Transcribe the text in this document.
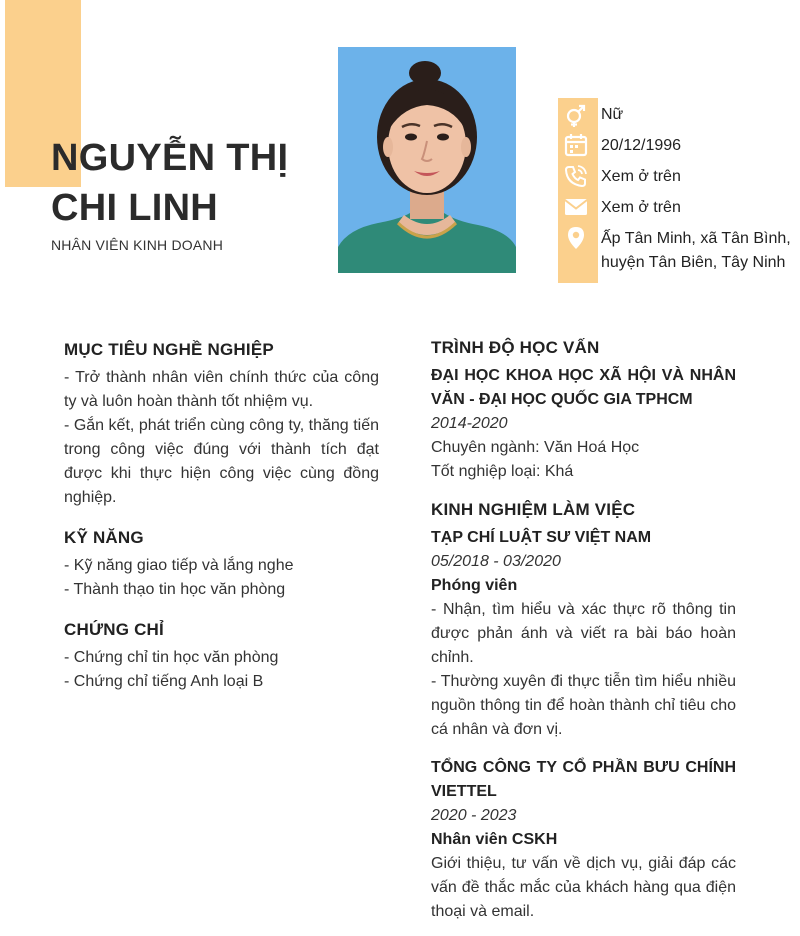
NGUYỄN THỊ
CHI LINH
NHÂN VIÊN KINH DOANH
Nữ
20/12/1996
Xem ở trên
Xem ở trên
Ấp Tân Minh, xã Tân Bình,
huyện Tân Biên, Tây Ninh
MỤC TIÊU NGHỀ NGHIỆP
- Trở thành nhân viên chính thức của công ty và luôn hoàn thành tốt nhiệm vụ.
- Gắn kết, phát triển cùng công ty, thăng tiến trong công việc đúng với thành tích đạt được khi thực hiện công việc cùng đồng nghiệp.
KỸ NĂNG
- Kỹ năng giao tiếp và lắng nghe
- Thành thạo tin học văn phòng
CHỨNG CHỈ
- Chứng chỉ tin học văn phòng
- Chứng chỉ tiếng Anh loại B
TRÌNH ĐỘ HỌC VẤN
ĐẠI HỌC KHOA HỌC XÃ HỘI VÀ NHÂN VĂN - ĐẠI HỌC QUỐC GIA TPHCM
2014-2020
Chuyên ngành: Văn Hoá Học
Tốt nghiệp loại: Khá
KINH NGHIỆM LÀM VIỆC
TẠP CHÍ LUẬT SƯ VIỆT NAM
05/2018 - 03/2020
Phóng viên
- Nhận, tìm hiểu và xác thực rõ thông tin được phản ánh và viết ra bài báo hoàn chỉnh.
- Thường xuyên đi thực tiễn tìm hiểu nhiều nguồn thông tin để hoàn thành chỉ tiêu cho cá nhân và đơn vị.
TỔNG CÔNG TY CỔ PHẦN BƯU CHÍNH VIETTEL
2020 - 2023
Nhân viên CSKH
Giới thiệu, tư vấn về dịch vụ, giải đáp các vấn đề thắc mắc của khách hàng qua điện thoại và email.
